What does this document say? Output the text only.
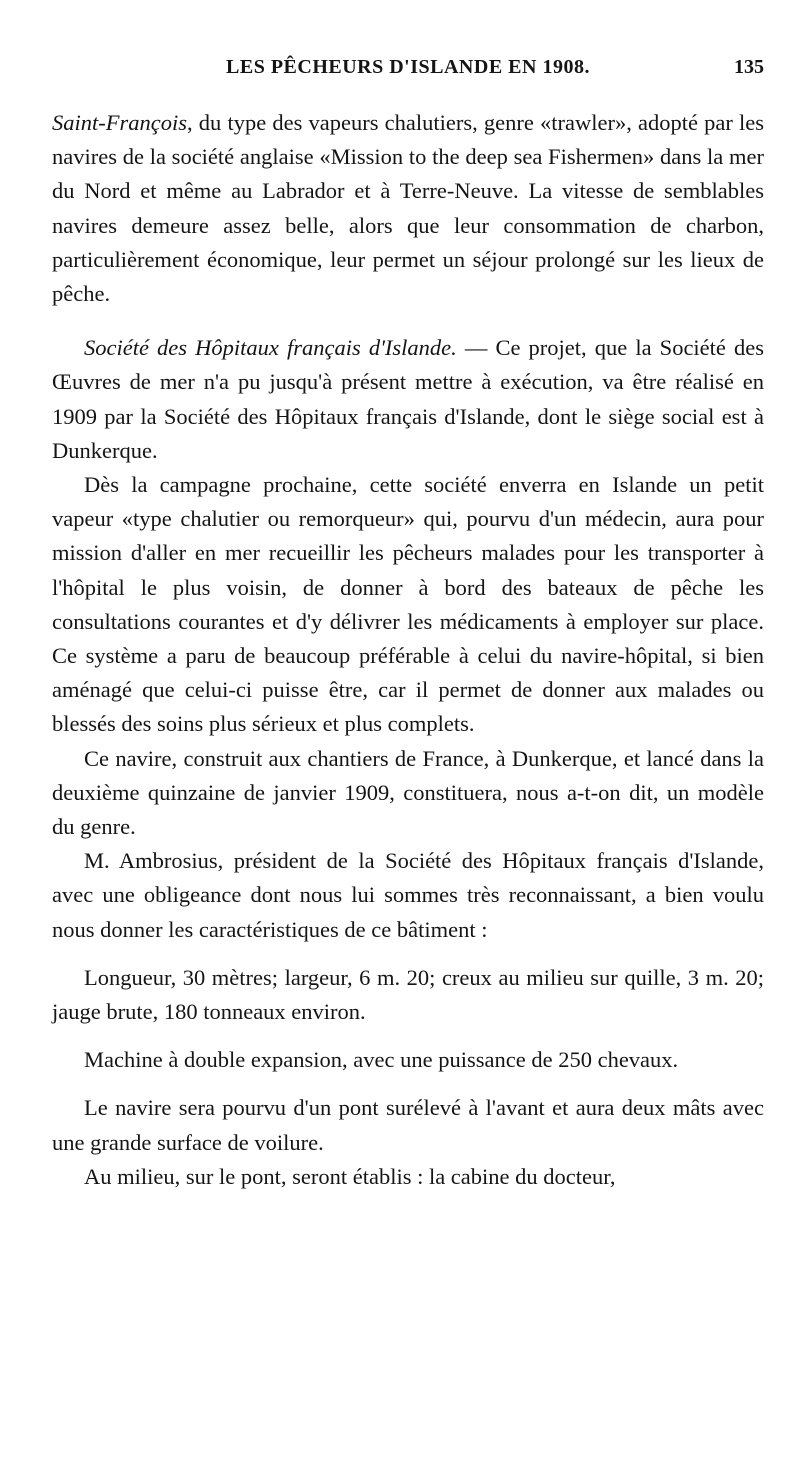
LES PÊCHEURS D'ISLANDE EN 1908.	135

Saint-François, du type des vapeurs chalutiers, genre «trawler», adopté par les navires de la société anglaise «Mission to the deep sea Fishermen» dans la mer du Nord et même au Labrador et à Terre-Neuve. La vitesse de semblables navires demeure assez belle, alors que leur consommation de charbon, particulièrement économique, leur permet un séjour prolongé sur les lieux de pêche.

Société des Hôpitaux français d'Islande. — Ce projet, que la Société des Œuvres de mer n'a pu jusqu'à présent mettre à exécution, va être réalisé en 1909 par la Société des Hôpitaux français d'Islande, dont le siège social est à Dunkerque.

Dès la campagne prochaine, cette société enverra en Islande un petit vapeur «type chalutier ou remorqueur» qui, pourvu d'un médecin, aura pour mission d'aller en mer recueillir les pêcheurs malades pour les transporter à l'hôpital le plus voisin, de donner à bord des bateaux de pêche les consultations courantes et d'y délivrer les médicaments à employer sur place. Ce système a paru de beaucoup préférable à celui du navire-hôpital, si bien aménagé que celui-ci puisse être, car il permet de donner aux malades ou blessés des soins plus sérieux et plus complets.

Ce navire, construit aux chantiers de France, à Dunkerque, et lancé dans la deuxième quinzaine de janvier 1909, constituera, nous a-t-on dit, un modèle du genre.

M. Ambrosius, président de la Société des Hôpitaux français d'Islande, avec une obligeance dont nous lui sommes très reconnaissant, a bien voulu nous donner les caractéristiques de ce bâtiment :

Longueur, 30 mètres; largeur, 6 m. 20; creux au milieu sur quille, 3 m. 20; jauge brute, 180 tonneaux environ.

Machine à double expansion, avec une puissance de 250 chevaux.

Le navire sera pourvu d'un pont surélevé à l'avant et aura deux mâts avec une grande surface de voilure.

Au milieu, sur le pont, seront établis : la cabine du docteur,
